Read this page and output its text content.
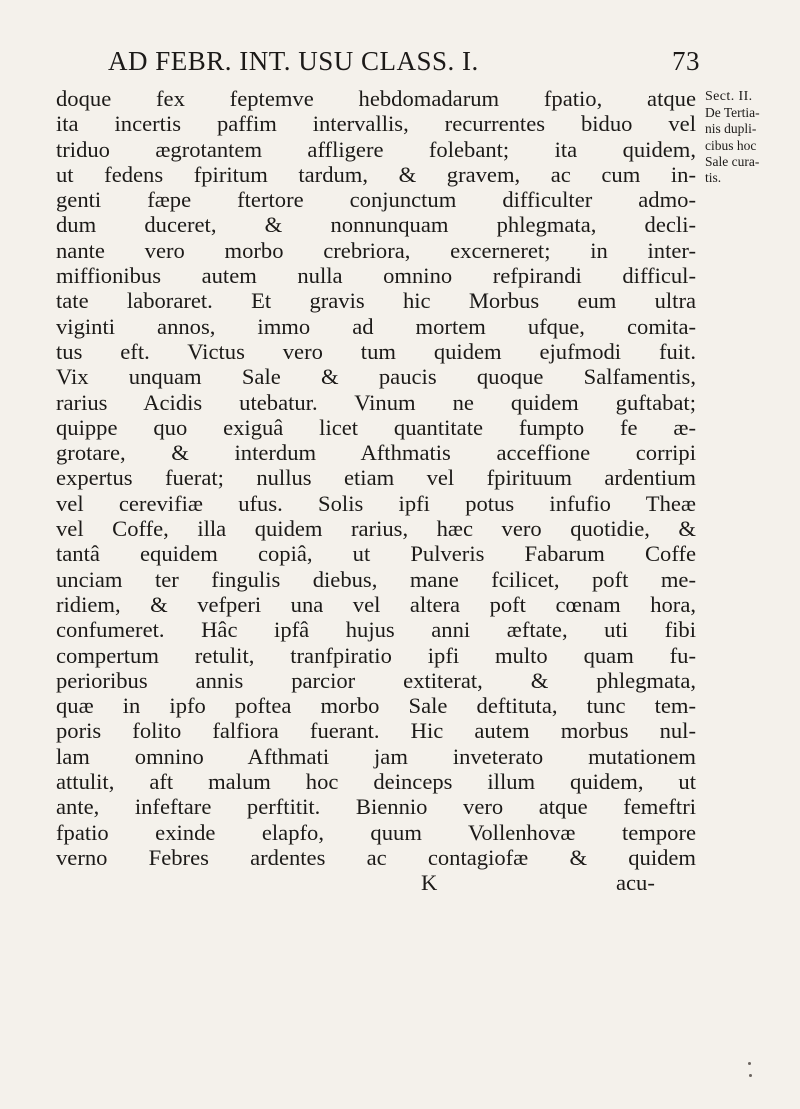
AD FEBR. INT. USU CLASS. I.	73
doque fex feptemve hebdomadarum fpatio, atque
ita incertis paffim intervallis, recurrentes biduo vel
triduo ægrotantem affligere folebant; ita quidem,
ut fedens fpiritum tardum, & gravem, ac cum in-
genti fæpe ftertore conjunctum difficulter admo-
dum duceret, & nonnunquam phlegmata, decli-
nante vero morbo crebriora, excerneret; in inter-
miffionibus autem nulla omnino refpirandi difficul-
tate laboraret. Et gravis hic Morbus eum ultra
viginti annos, immo ad mortem ufque, comita-
tus eft. Victus vero tum quidem ejufmodi fuit.
Vix unquam Sale & paucis quoque Salfamentis,
rarius Acidis utebatur. Vinum ne quidem guftabat;
quippe quo exiguâ licet quantitate fumpto fe æ-
grotare, & interdum Afthmatis acceffione corripi
expertus fuerat; nullus etiam vel fpirituum ardentium
vel cerevifiæ ufus. Solis ipfi potus infufio Theæ
vel Coffe, illa quidem rarius, hæc vero quotidie, &
tantâ equidem copiâ, ut Pulveris Fabarum Coffe
unciam ter fingulis diebus, mane fcilicet, poft me-
ridiem, & vefperi una vel altera poft cœnam hora,
confumeret. Hâc ipfâ hujus anni æftate, uti fibi
compertum retulit, tranfpiratio ipfi multo quam fu-
perioribus annis parcior extiterat, & phlegmata,
quæ in ipfo poftea morbo Sale deftituta, tunc tem-
poris folito falfiora fuerant. Hic autem morbus nul-
lam omnino Afthmati jam inveterato mutationem
attulit, aft malum hoc deinceps illum quidem, ut
ante, infeftare perftitit. Biennio vero atque femeftri
fpatio exinde elapfo, quum Vollenhovæ tempore
verno Febres ardentes ac contagiofæ & quidem
K	acu-
Sect. II.
De Tertia-
nis dupli-
cibus hoc
Sale cura-
tis.
